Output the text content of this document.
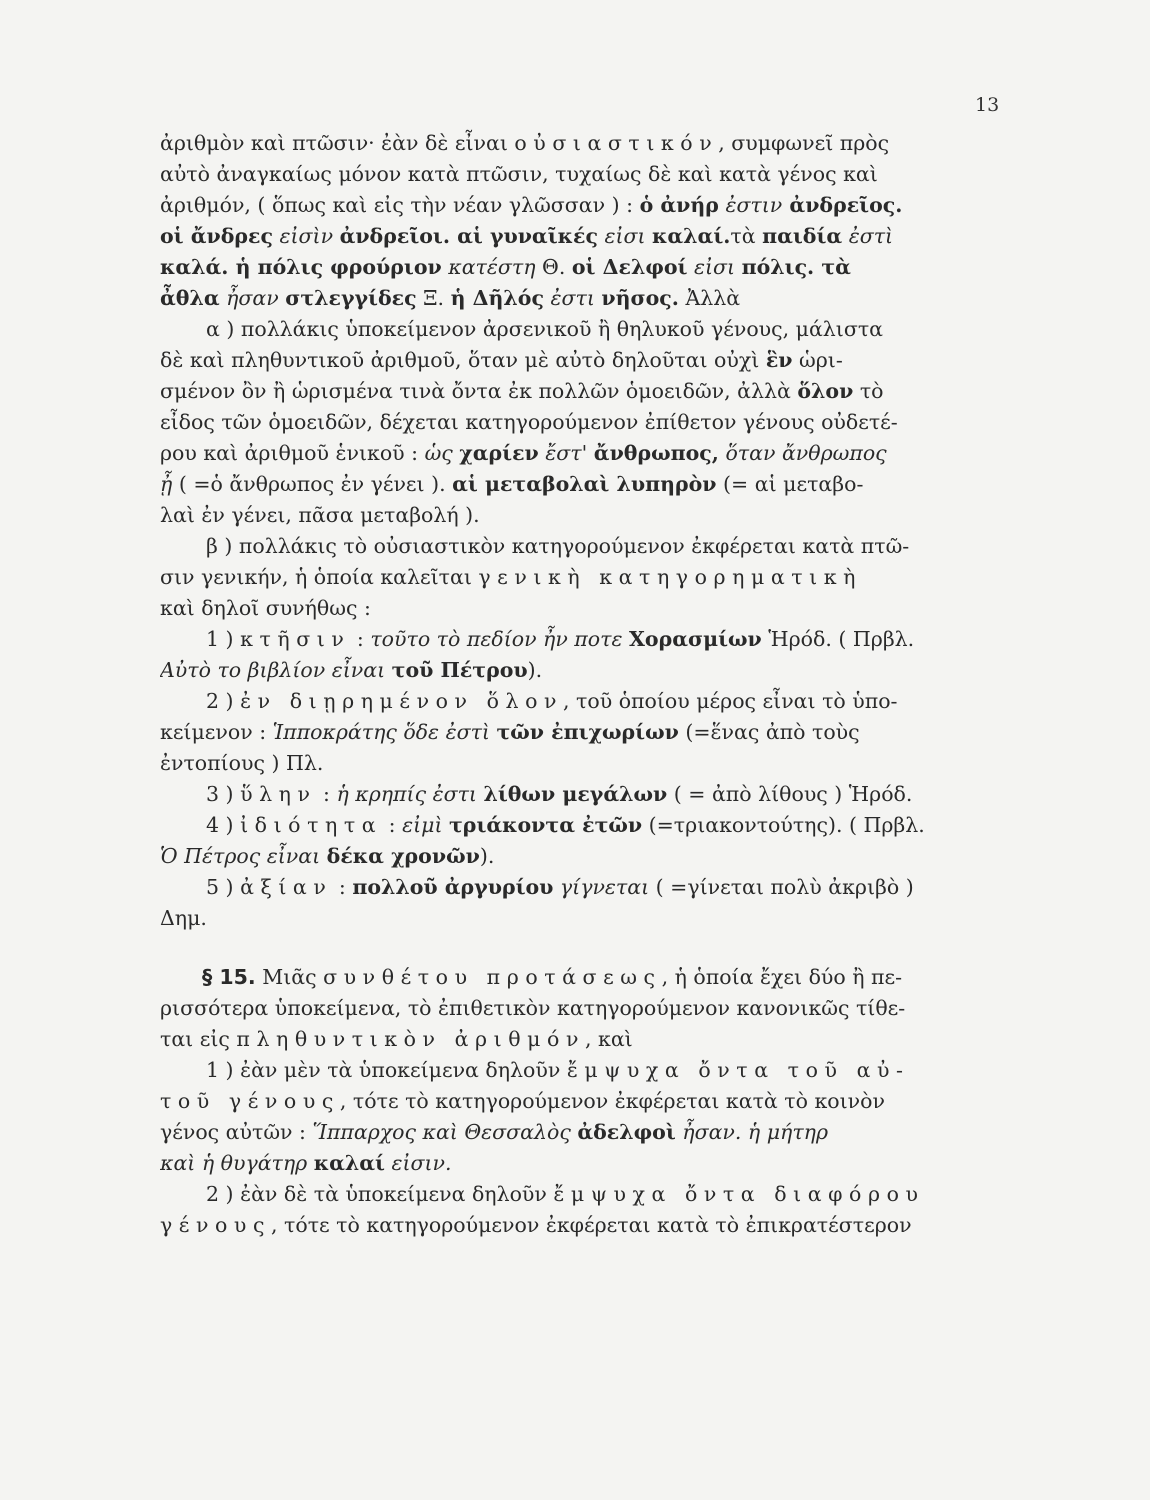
13
ἀριθμὸν καὶ πτῶσιν· ἐὰν δὲ εἶναι οὐσιαστικόν, συμφωνεῖ πρὸς
αὐτὸ ἀναγκαίως μόνον κατὰ πτῶσιν, τυχαίως δὲ καὶ κατὰ γένος καὶ
ἀριθμόν, ( ὅπως καὶ εἰς τὴν νέαν γλῶσσαν ) : ὁ ἀνήρ ἐστιν ἀνδρεῖος.
οἱ ἄνδρες εἰσὶν ἀνδρεῖοι. αἱ γυναῖκές εἰσι καλαί.τὰ παιδία ἐστὶ
καλά. ἡ πόλις φρούριον κατέστη Θ. οἱ Δελφοί εἰσι πόλις. τὰ
ἆθλα ἦσαν στλεγγίδες Ξ. ἡ Δῆλός ἐστι νῆσος. Ἀλλὰ
α ) πολλάκις ὑποκείμενον ἀρσενικοῦ ἢ θηλυκοῦ γένους, μάλιστα
δὲ καὶ πληθυντικοῦ ἀριθμοῦ, ὅταν μὲ αὐτὸ δηλοῦται οὐχὶ ἓν ὡρι-
σμένον ὂν ἢ ὡρισμένα τινὰ ὄντα ἐκ πολλῶν ὁμοειδῶν, ἀλλὰ ὅλον τὸ
εἶδος τῶν ὁμοειδῶν, δέχεται κατηγορούμενον ἐπίθετον γένους οὐδετέ-
ρου καὶ ἀριθμοῦ ἑνικοῦ : ὡς χαρίεν ἔστ' ἄνθρωπος, ὅταν ἄνθρωπος
ᾖ ( =ὁ ἄνθρωπος ἐν γένει ). αἱ μεταβολαὶ λυπηρὸν (= αἱ μεταβο-
λαὶ ἐν γένει, πᾶσα μεταβολή ).
β ) πολλάκις τὸ οὐσιαστικὸν κατηγορούμενον ἐκφέρεται κατὰ πτῶ-
σιν γενικήν, ἡ ὁποία καλεῖται γενικὴ κατηγορηματικὴ
καὶ δηλοῖ συνήθως :
1 ) κτῆσιν : τοῦτο τὸ πεδίον ἦν ποτε Χορασμίων Ἡρόδ. ( Πρβλ.
Αὐτὸ το βιβλίον εἶναι τοῦ Πέτρου).
2 ) ἐν διῃρημένον ὅλον, τοῦ ὁποίου μέρος εἶναι τὸ ὑπο-
κείμενον : Ἱπποκράτης ὅδε ἐστὶ τῶν ἐπιχωρίων (=ἕνας ἀπὸ τοὺς
ἐντοπίους ) Πλ.
3 ) ὕλην : ἡ κρηπίς ἐστι λίθων μεγάλων ( = ἀπὸ λίθους ) Ἡρόδ.
4 ) ἰδιότητα : εἰμὶ τριάκοντα ἐτῶν (=τριακοντούτης). ( Πρβλ.
Ὁ Πέτρος εἶναι δέκα χρονῶν).
5 ) ἀξίαν : πολλοῦ ἀργυρίου γίγνεται ( =γίνεται πολὺ ἀκριβὸ )
Δημ.
§ 15. Μιᾶς συνθέτου προτάσεως, ἡ ὁποία ἔχει δύο ἢ πε-
ρισσότερα ὑποκείμενα, τὸ ἐπιθετικὸν κατηγορούμενον κανονικῶς τίθε-
ται εἰς πληθυντικὸν ἀριθμόν, καὶ
1 ) ἐὰν μὲν τὰ ὑποκείμενα δηλοῦν ἔμψυχα ὄντα τοῦ αὐ-
τοῦ γένους, τότε τὸ κατηγορούμενον ἐκφέρεται κατὰ τὸ κοινὸν
γένος αὐτῶν : Ἵππαρχος καὶ Θεσσαλὸς ἀδελφοὶ ἦσαν. ἡ μήτηρ
καὶ ἡ θυγάτηρ καλαί εἰσιν.
2 ) ἐὰν δὲ τὰ ὑποκείμενα δηλοῦν ἔμψυχα ὄντα διαφόρου
γένους, τότε τὸ κατηγορούμενον ἐκφέρεται κατὰ τὸ ἐπικρατέστερον
